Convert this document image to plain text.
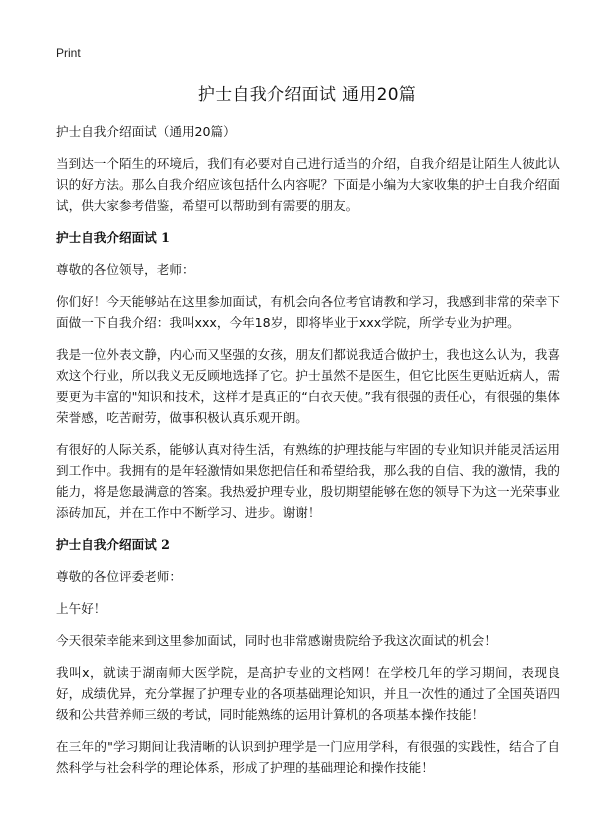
Print
护士自我介绍面试 通用20篇

护士自我介绍面试（通用20篇）

当到达一个陌生的环境后，我们有必要对自己进行适当的介绍，自我介绍是让陌生人彼此认识的好方法。那么自我介绍应该包括什么内容呢？下面是小编为大家收集的护士自我介绍面试，供大家参考借鉴，希望可以帮助到有需要的朋友。

护士自我介绍面试 1

尊敬的各位领导，老师：

你们好！今天能够站在这里参加面试，有机会向各位考官请教和学习，我感到非常的荣幸下面做一下自我介绍：我叫xxx，今年18岁，即将毕业于xxx学院，所学专业为护理。

我是一位外表文静，内心而又坚强的女孩，朋友们都说我适合做护士，我也这么认为，我喜欢这个行业，所以我义无反顾地选择了它。护士虽然不是医生，但它比医生更贴近病人，需要更为丰富的"知识和技术，这样才是真正的“白衣天使。”我有很强的责任心，有很强的集体荣誉感，吃苦耐劳，做事积极认真乐观开朗。

有很好的人际关系，能够认真对待生活，有熟练的护理技能与牢固的专业知识并能灵活运用到工作中。我拥有的是年轻激情如果您把信任和希望给我，那么我的自信、我的激情，我的能力，将是您最满意的答案。我热爱护理专业，殷切期望能够在您的领导下为这一光荣事业添砖加瓦，并在工作中不断学习、进步。谢谢！

护士自我介绍面试 2

尊敬的各位评委老师：

上午好！

今天很荣幸能来到这里参加面试，同时也非常感谢贵院给予我这次面试的机会！

我叫x，就读于湖南师大医学院，是高护专业的文档网！在学校几年的学习期间，表现良好，成绩优异，充分掌握了护理专业的各项基础理论知识，并且一次性的通过了全国英语四级和公共营养师三级的考试，同时能熟练的运用计算机的各项基本操作技能！

在三年的"学习期间让我清晰的认识到护理学是一门应用学科，有很强的实践性，结合了自然科学与社会科学的理论体系，形成了护理的基础理论和操作技能！
